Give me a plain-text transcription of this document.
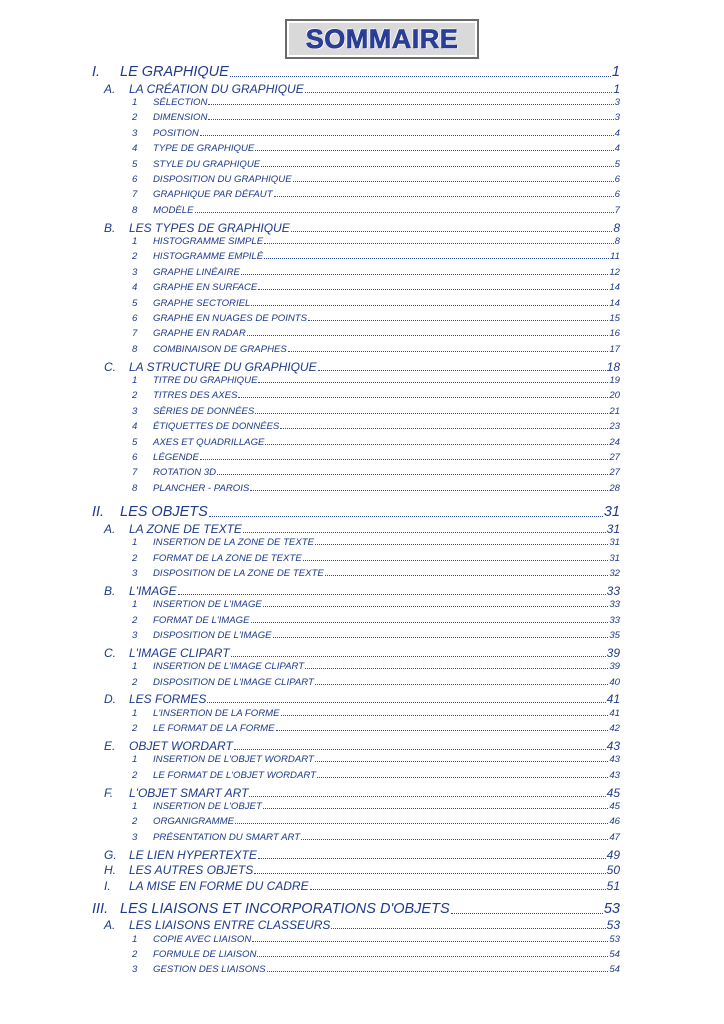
SOMMAIRE
I.	LE GRAPHIQUE	1
A.	LA CRÉATION DU GRAPHIQUE	1
1	SÉLECTION	3
2	DIMENSION	3
3	POSITION	4
4	TYPE DE GRAPHIQUE	4
5	STYLE DU GRAPHIQUE	5
6	DISPOSITION DU GRAPHIQUE	6
7	GRAPHIQUE PAR DÉFAUT	6
8	MODÈLE	7
B.	LES TYPES DE GRAPHIQUE	8
1	HISTOGRAMME SIMPLE	8
2	HISTOGRAMME EMPILÉ	11
3	GRAPHE LINÉAIRE	12
4	GRAPHE EN SURFACE	14
5	GRAPHE SECTORIEL	14
6	GRAPHE EN NUAGES DE POINTS	15
7	GRAPHE EN RADAR	16
8	COMBINAISON DE GRAPHES	17
C.	LA STRUCTURE DU GRAPHIQUE	18
1	TITRE DU GRAPHIQUE	19
2	TITRES DES AXES	20
3	SÉRIES DE DONNÉES	21
4	ÉTIQUETTES DE DONNÉES	23
5	AXES ET QUADRILLAGE	24
6	LÉGENDE	27
7	ROTATION 3D	27
8	PLANCHER - PAROIS	28
II.	LES OBJETS	31
A.	LA ZONE DE TEXTE	31
1	INSERTION DE LA ZONE DE TEXTE	31
2	FORMAT DE LA ZONE DE TEXTE	31
3	DISPOSITION DE LA ZONE DE TEXTE	32
B.	L'IMAGE	33
1	INSERTION DE L'IMAGE	33
2	FORMAT DE L'IMAGE	33
3	DISPOSITION DE L'IMAGE	35
C.	L'IMAGE CLIPART	39
1	INSERTION DE L'IMAGE CLIPART	39
2	DISPOSITION DE L'IMAGE CLIPART	40
D.	LES FORMES	41
1	L'INSERTION DE LA FORME	41
2	LE FORMAT DE LA FORME	42
E.	OBJET WORDART	43
1	INSERTION DE L'OBJET WORDART	43
2	LE FORMAT DE L'OBJET WORDART	43
F.	L'OBJET SMART ART	45
1	INSERTION DE L'OBJET	45
2	ORGANIGRAMME	46
3	PRÉSENTATION DU SMART ART	47
G.	LE LIEN HYPERTEXTE	49
H.	LES AUTRES OBJETS	50
I.	LA MISE EN FORME DU CADRE	51
III. LES LIAISONS ET INCORPORATIONS D'OBJETS	53
A.	LES LIAISONS ENTRE CLASSEURS	53
1	COPIE AVEC LIAISON	53
2	FORMULE DE LIAISON	54
3	GESTION DES LIAISONS	54
